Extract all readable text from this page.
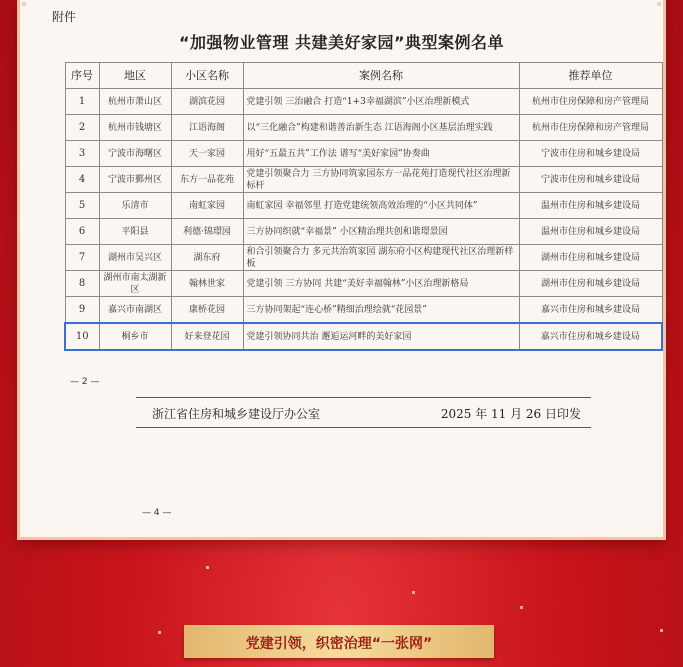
附件
“加强物业管理 共建美好家园”典型案例名单
序号	地区	小区名称	案例名称	推荐单位
1	杭州市萧山区	湖滨花园	党建引领 三治融合 打造“1+3幸福湖滨”小区治理新模式	杭州市住房保障和房产管理局
2	杭州市钱塘区	江语海阁	以“三化融合”构建和谐善治新生态 江语海阁小区基层治理实践	杭州市住房保障和房产管理局
3	宁波市海曙区	天一家园	用好“五最五共”工作法 谱写“美好家园”协奏曲	宁波市住房和城乡建设局
4	宁波市鄞州区	东方一品花苑	党建引领聚合力 三方协同筑家园东方一品花苑打造现代社区治理新标杆	宁波市住房和城乡建设局
5	乐清市	南虹家园	南虹家园 幸福邻里 打造党建统领高效治理的“小区共同体”	温州市住房和城乡建设局
6	平阳县	利德·锦璟园	三方协同织就“幸福景” 小区精治理共创和谐璟景园	温州市住房和城乡建设局
7	湖州市吴兴区	湖东府	和合引领聚合力 多元共治筑家园 湖东府小区构建现代社区治理新样板	湖州市住房和城乡建设局
8	湖州市南太湖新区	翰林世家	党建引领 三方协同 共建“美好幸福翰林”小区治理新格局	湖州市住房和城乡建设局
9	嘉兴市南湖区	康桥花园	三方协同架起“连心桥”精细治理绘就“花园景”	嘉兴市住房和城乡建设局
10	桐乡市	好来登花园	党建引领协同共治 邂逅运河畔的美好家园	嘉兴市住房和城乡建设局
— 2 —
浙江省住房和城乡建设厅办公室	2025 年 11 月 26 日印发
— 4 —
党建引领，织密治理“一张网”
